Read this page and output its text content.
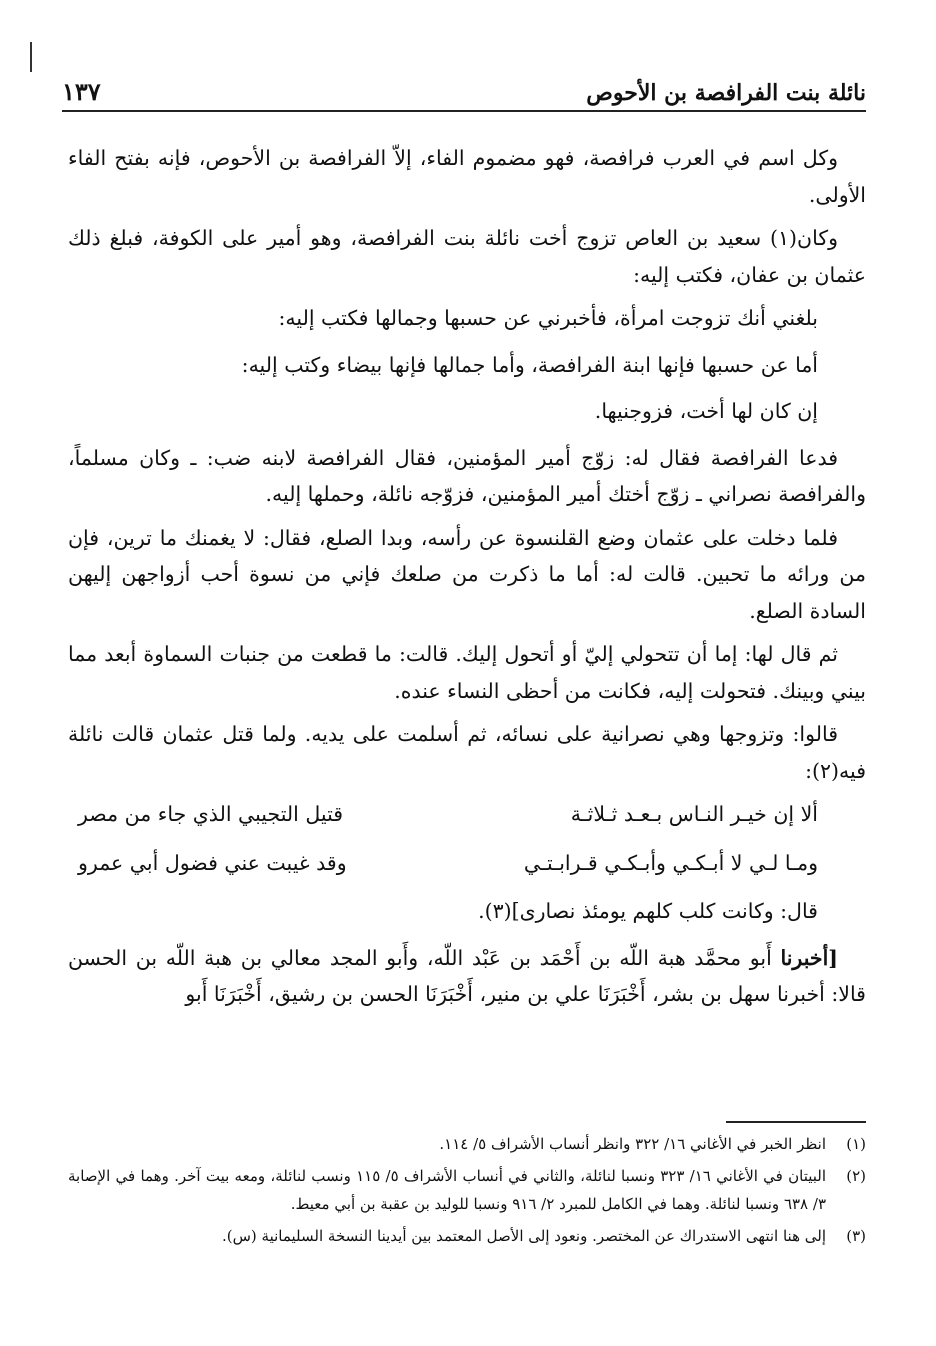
١٣٧	نائلة بنت الفرافصة بن الأحوص

وكل اسم في العرب فرافصة، فهو مضموم الفاء، إلاّ الفرافصة بن الأحوص، فإنه بفتح الفاء الأولى.

وكان(١) سعيد بن العاص تزوج أخت نائلة بنت الفرافصة، وهو أمير على الكوفة، فبلغ ذلك عثمان بن عفان، فكتب إليه:

بلغني أنك تزوجت امرأة، فأخبرني عن حسبها وجمالها فكتب إليه:

أما عن حسبها فإنها ابنة الفرافصة، وأما جمالها فإنها بيضاء وكتب إليه:

إن كان لها أخت، فزوجنيها.

فدعا الفرافصة فقال له: زوّج أمير المؤمنين، فقال الفرافصة لابنه ضب: ـ وكان مسلماً، والفرافصة نصراني ـ زوّج أختك أمير المؤمنين، فزوّجه نائلة، وحملها إليه.

فلما دخلت على عثمان وضع القلنسوة عن رأسه، وبدا الصلع، فقال: لا يغمنك ما ترين، فإن من ورائه ما تحبين. قالت له: أما ما ذكرت من صلعك فإني من نسوة أحب أزواجهن إليهن السادة الصلع.

ثم قال لها: إما أن تتحولي إليّ أو أتحول إليك. قالت: ما قطعت من جنبات السماوة أبعد مما بيني وبينك. فتحولت إليه، فكانت من أحظى النساء عنده.

قالوا: وتزوجها وهي نصرانية على نسائه، ثم أسلمت على يديه. ولما قتل عثمان قالت نائلة فيه(٢):

ألا إن خيـر النـاس بـعـد ثـلاثـة
قتيل التجيبي الذي جاء من مصر
ومـا لـي لا أبـكـي وأبـكـي قـرابـتـي
وقد غيبت عني فضول أبي عمرو

قال: وكانت كلب كلهم يومئذ نصارى](٣).

[أخبرنا أَبو محمَّد هبة اللّه بن أَحْمَد بن عَبْد اللّه، وأَبو المجد معالي بن هبة اللّه بن الحسن قالا: أخبرنا سهل بن بشر، أَخْبَرَنَا علي بن منير، أَخْبَرَنَا الحسن بن رشيق، أَخْبَرَنَا أَبو

(١)
انظر الخبر في الأغاني ١٦/ ٣٢٢ وانظر أنساب الأشراف ٥/ ١١٤.
(٢)
البيتان في الأغاني ١٦/ ٣٢٣ ونسبا لنائلة، والثاني في أنساب الأشراف ٥/ ١١٥ ونسب لنائلة، ومعه بيت آخر. وهما في الإصابة ٣/ ٦٣٨ ونسبا لنائلة. وهما في الكامل للمبرد ٢/ ٩١٦ ونسبا للوليد بن عقبة بن أبي معيط.
(٣)
إلى هنا انتهى الاستدراك عن المختصر. ونعود إلى الأصل المعتمد بين أيدينا النسخة السليمانية (س).
